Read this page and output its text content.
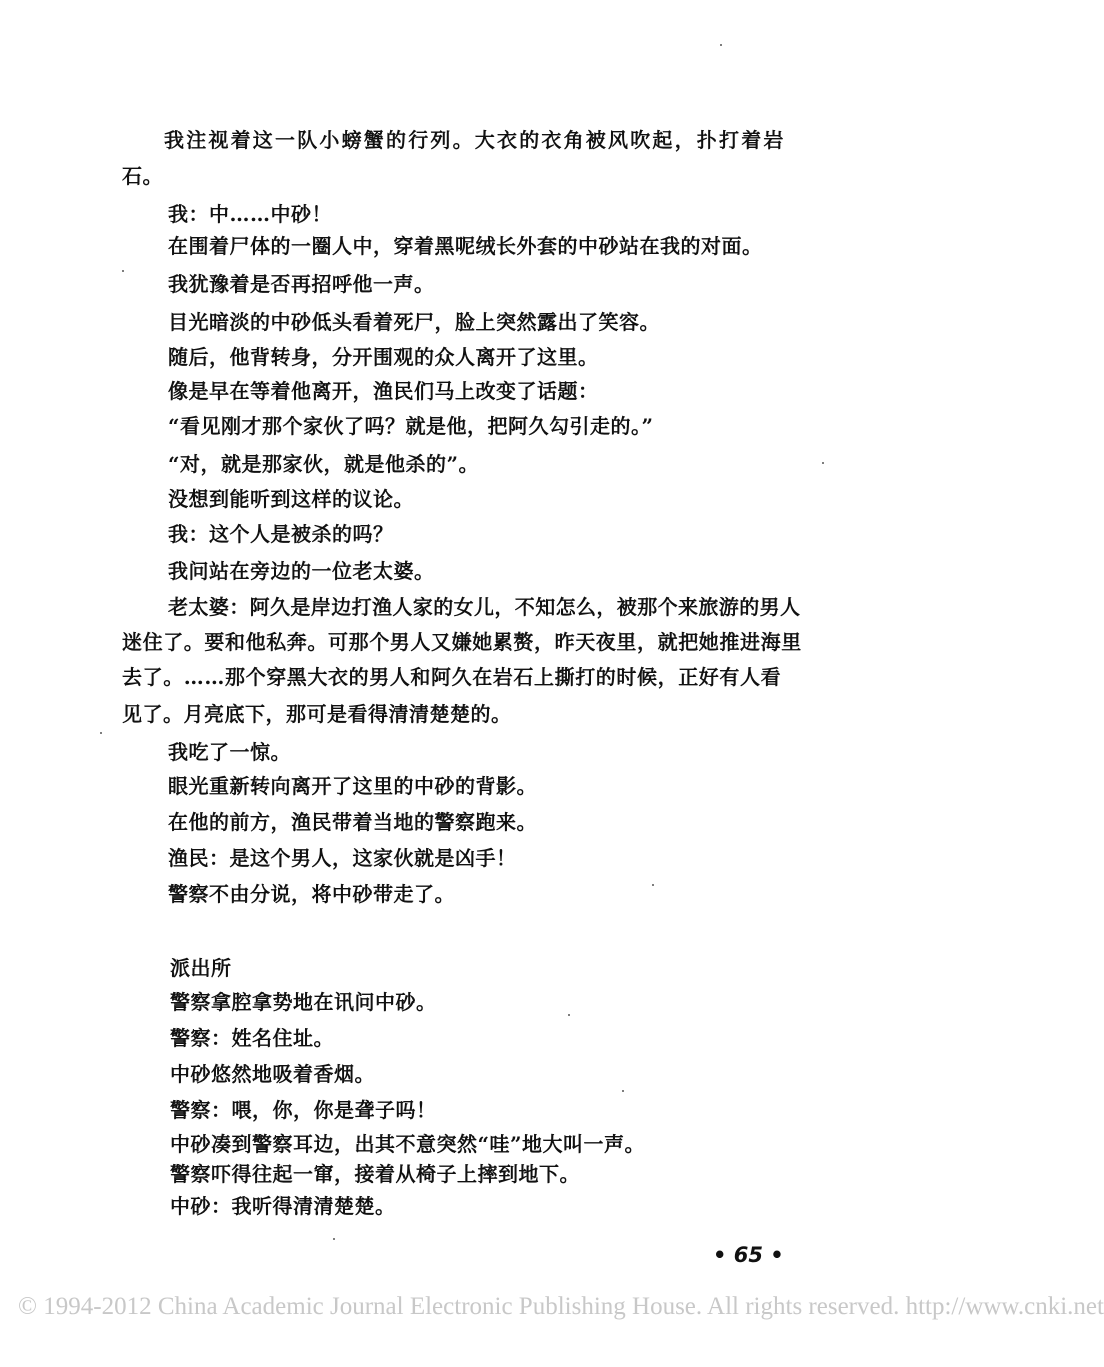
我注视着这一队小螃蟹的行列。大衣的衣角被风吹起，扑打着岩
石。
我：中……中砂！
在围着尸体的一圈人中，穿着黑呢绒长外套的中砂站在我的对面。
我犹豫着是否再招呼他一声。
目光暗淡的中砂低头看着死尸，脸上突然露出了笑容。
随后，他背转身，分开围观的众人离开了这里。
像是早在等着他离开，渔民们马上改变了话题：
“看见刚才那个家伙了吗？就是他，把阿久勾引走的。”
“对，就是那家伙，就是他杀的”。
没想到能听到这样的议论。
我：这个人是被杀的吗？
我问站在旁边的一位老太婆。
老太婆：阿久是岸边打渔人家的女儿，不知怎么，被那个来旅游的男人
迷住了。要和他私奔。可那个男人又嫌她累赘，昨天夜里，就把她推进海里
去了。……那个穿黑大衣的男人和阿久在岩石上撕打的时候，正好有人看
见了。月亮底下，那可是看得清清楚楚的。
我吃了一惊。
眼光重新转向离开了这里的中砂的背影。
在他的前方，渔民带着当地的警察跑来。
渔民：是这个男人，这家伙就是凶手！
警察不由分说，将中砂带走了。
派出所
警察拿腔拿势地在讯问中砂。
警察：姓名住址。
中砂悠然地吸着香烟。
警察：喂，你，你是聋子吗！
中砂凑到警察耳边，出其不意突然“哇”地大叫一声。
警察吓得往起一窜，接着从椅子上摔到地下。
中砂：我听得清清楚楚。
• 65 •
© 1994-2012 China Academic Journal Electronic Publishing House. All rights reserved. http://www.cnki.net
